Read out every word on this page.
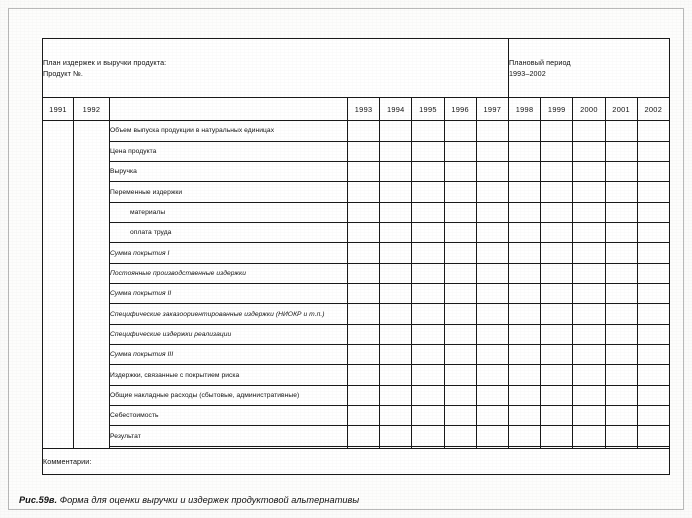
План издержек и выручки продукта:
Продукт №.								Плановый период
1993–2002				

1991	1992		1993	1994	1995	1996	1997	1998	1999	2000	2001	2002
		Объем выпуска продукции в натуральных единицах										
		Цена продукта										
		Выручка										
		Переменные издержки										
		материалы										
		оплата труда										
		Сумма покрытия I										
		Постоянные производственные издержки										
		Сумма покрытия II										
		Специфические заказоориентированные издержки (НИОКР и т.п.)										
		Специфические издержки реализации										
		Сумма покрытия III										
		Издержки, связанные с покрытием риска										
		Общие накладные расходы (сбытовые, административные)										
		Себестоимость										
		Результат										

Комментарии:												
Рис.59в. Форма для оценки выручки и издержек продуктовой альтернативы
